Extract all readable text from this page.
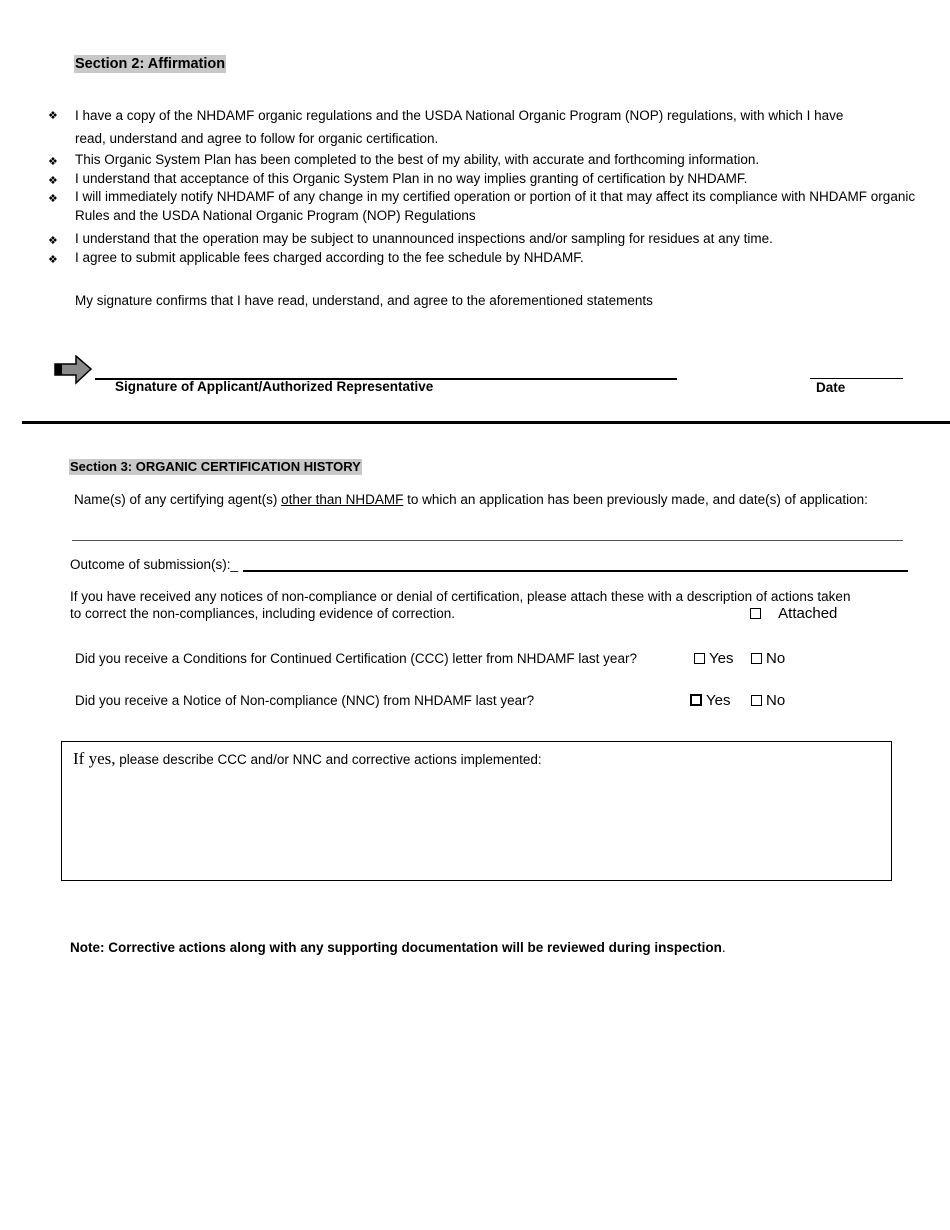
Section 2: Affirmation
❖ I have a copy of the NHDAMF organic regulations and the USDA National Organic Program (NOP) regulations, with which I have
read, understand and agree to follow for organic certification.
❖ This Organic System Plan has been completed to the best of my ability, with accurate and forthcoming information.
❖ I understand that acceptance of this Organic System Plan in no way implies granting of certification by NHDAMF.
❖ I will immediately notify NHDAMF of any change in my certified operation or portion of it that may affect its compliance with NHDAMF organic
Rules and the USDA National Organic Program (NOP) Regulations
❖ I understand that the operation may be subject to unannounced inspections and/or sampling for residues at any time.
❖ I agree to submit applicable fees charged according to the fee schedule by NHDAMF.
My signature confirms that I have read, understand, and agree to the aforementioned statements
Signature of Applicant/Authorized Representative	Date
Section 3: ORGANIC CERTIFICATION HISTORY
Name(s) of any certifying agent(s) other than NHDAMF to which an application has been previously made, and date(s) of application:
Outcome of submission(s):_
If you have received any notices of non-compliance or denial of certification, please attach these with a description of actions taken
to correct the non-compliances, including evidence of correction.	Attached
Did you receive a Conditions for Continued Certification (CCC) letter from NHDAMF last year?	Yes	No
Did you receive a Notice of Non-compliance (NNC) from NHDAMF last year?	Yes	No
If yes, please describe CCC and/or NNC and corrective actions implemented:
Note: Corrective actions along with any supporting documentation will be reviewed during inspection.
